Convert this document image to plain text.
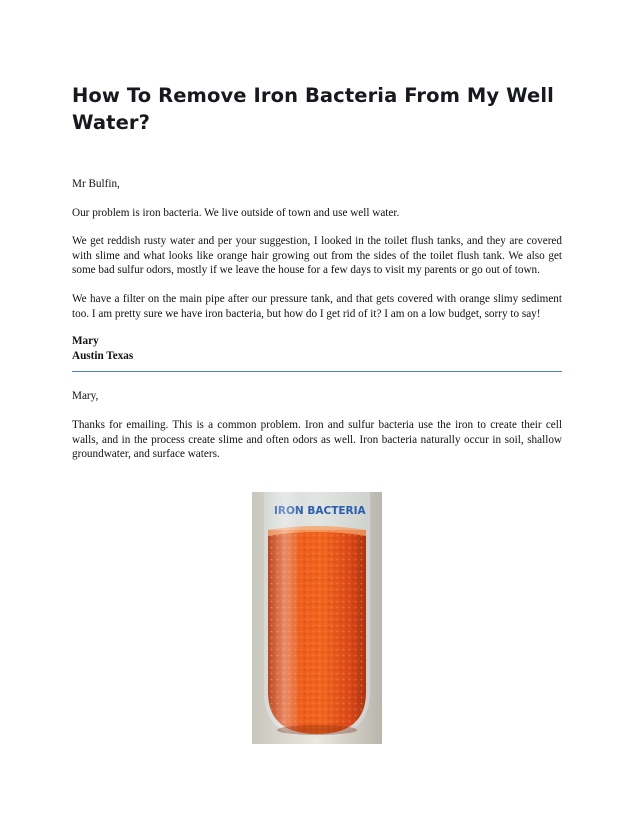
How To Remove Iron Bacteria From My Well Water?

Mr Bulfin,

Our problem is iron bacteria. We live outside of town and use well water.

We get reddish rusty water and per your suggestion, I looked in the toilet flush tanks, and they are covered with slime and what looks like orange hair growing out from the sides of the toilet flush tank. We also get some bad sulfur odors, mostly if we leave the house for a few days to visit my parents or go out of town.

We have a filter on the main pipe after our pressure tank, and that gets covered with orange slimy sediment too. I am pretty sure we have iron bacteria, but how do I get rid of it? I am on a low budget, sorry to say!

Mary
Austin Texas

Mary,

Thanks for emailing. This is a common problem. Iron and sulfur bacteria use the iron to create their cell walls, and in the process create slime and often odors as well. Iron bacteria naturally occur in soil, shallow groundwater, and surface waters.
